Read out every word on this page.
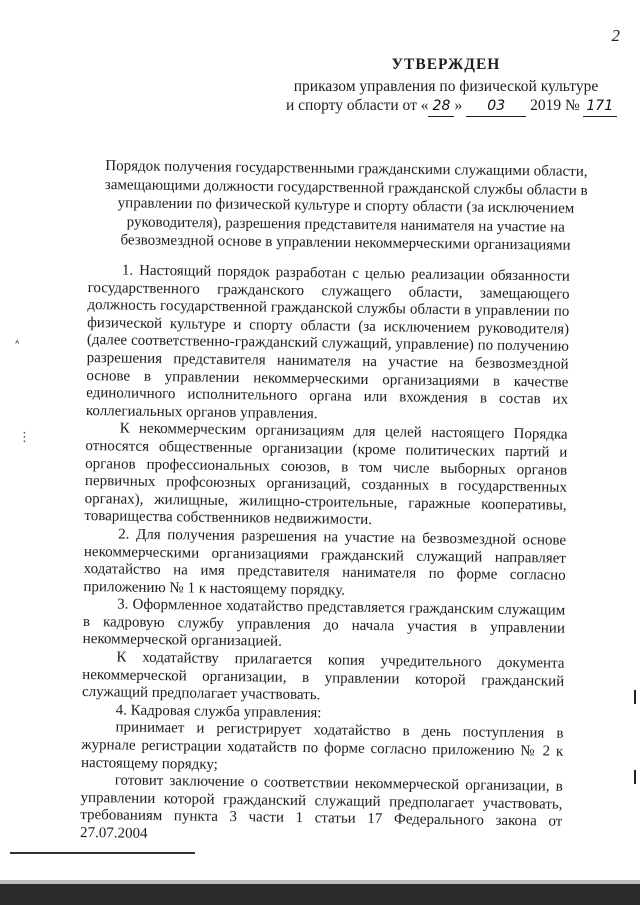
2
УТВЕРЖДЕН
приказом управления по физической культуре
и спорту области от « 28 » 03 2019 № 171
Порядок получения государственными гражданскими служащими области, замещающими должности государственной гражданской службы области в управлении по физической культуре и спорту области (за исключением руководителя), разрешения представителя нанимателя на участие на безвозмездной основе в управлении некоммерческими организациями

1. Настоящий порядок разработан с целью реализации обязанности государственного гражданского служащего области, замещающего должность государственной гражданской службы области в управлении по физической культуре и спорту области (за исключением руководителя) (далее соответственно-гражданский служащий, управление) по получению разрешения представителя нанимателя на участие на безвозмездной основе в управлении некоммерческими организациями в качестве единоличного исполнительного органа или вхождения в состав их коллегиальных органов управления.

К некоммерческим организациям для целей настоящего Порядка относятся общественные организации (кроме политических партий и органов профессиональных союзов, в том числе выборных органов первичных профсоюзных организаций, созданных в государственных органах), жилищные, жилищно-строительные, гаражные кооперативы, товарищества собственников недвижимости.

2. Для получения разрешения на участие на безвозмездной основе некоммерческими организациями гражданский служащий направляет ходатайство на имя представителя нанимателя по форме согласно приложению № 1 к настоящему порядку.

3. Оформленное ходатайство представляется гражданским служащим в кадровую службу управления до начала участия в управлении некоммерческой организацией.

К ходатайству прилагается копия учредительного документа некоммерческой организации, в управлении которой гражданский служащий предполагает участвовать.

4. Кадровая служба управления:

принимает и регистрирует ходатайство в день поступления в журнале регистрации ходатайств по форме согласно приложению № 2 к настоящему порядку;

готовит заключение о соответствии некоммерческой организации, в управлении которой гражданский служащий предполагает участвовать, требованиям пункта 3 части 1 статьи 17 Федерального закона от 27.07.2004

˄
⋮
